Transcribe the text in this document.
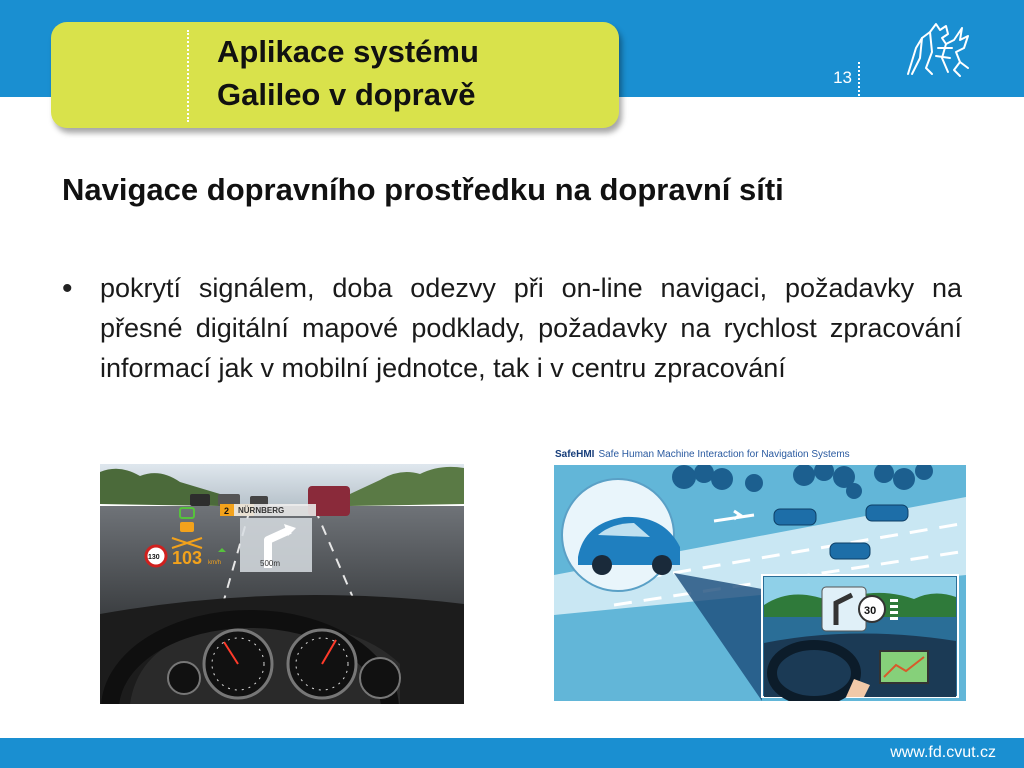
Aplikace systému
Galileo v dopravě	13
Navigace dopravního prostředku na dopravní síti
• pokrytí signálem, doba odezvy při on-line navigaci, požadavky na přesné digitální mapové podklady, požadavky na rychlost zpracování informací jak v mobilní jednotce, tak i v centru zpracování
2 NÜRNBERG
500m
130 103 km/h
SafeHMI Safe Human Machine Interaction for Navigation Systems
30
www.fd.cvut.cz
